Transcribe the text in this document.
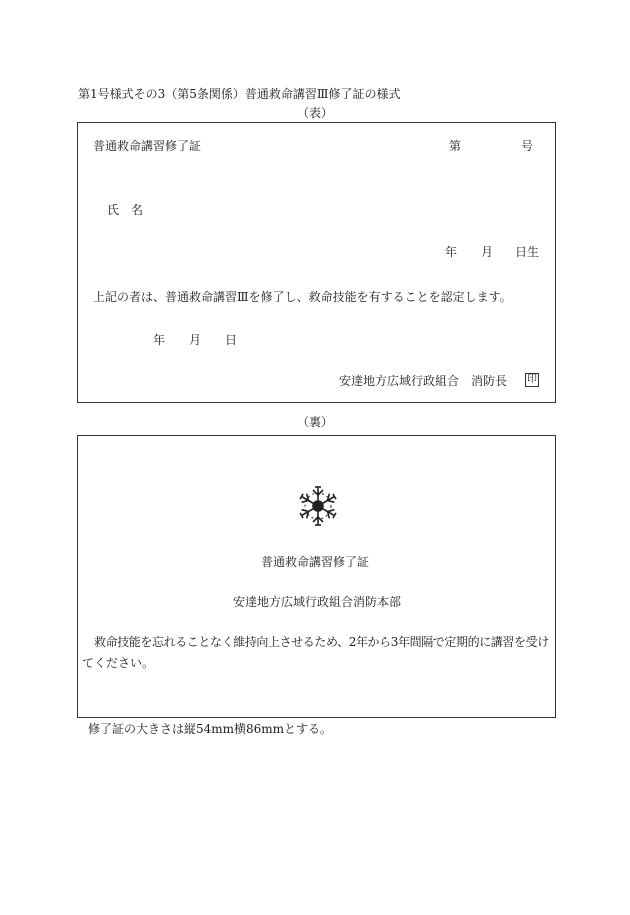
第1号様式その3（第5条関係）普通救命講習Ⅲ修了証の様式
（表）
普通救命講習修了証	第	号
氏　名
年 月 日生
上記の者は、普通救命講習Ⅲを修了し、救命技能を有することを認定します。
年 月 日
安達地方広域行政組合　消防長 印
（裏）
普通救命講習修了証
安達地方広域行政組合消防本部
救命技能を忘れることなく維持向上させるため、2年から3年間隔で定期的に講習を受け
てください。
修了証の大きさは縦54mm横86mmとする。
